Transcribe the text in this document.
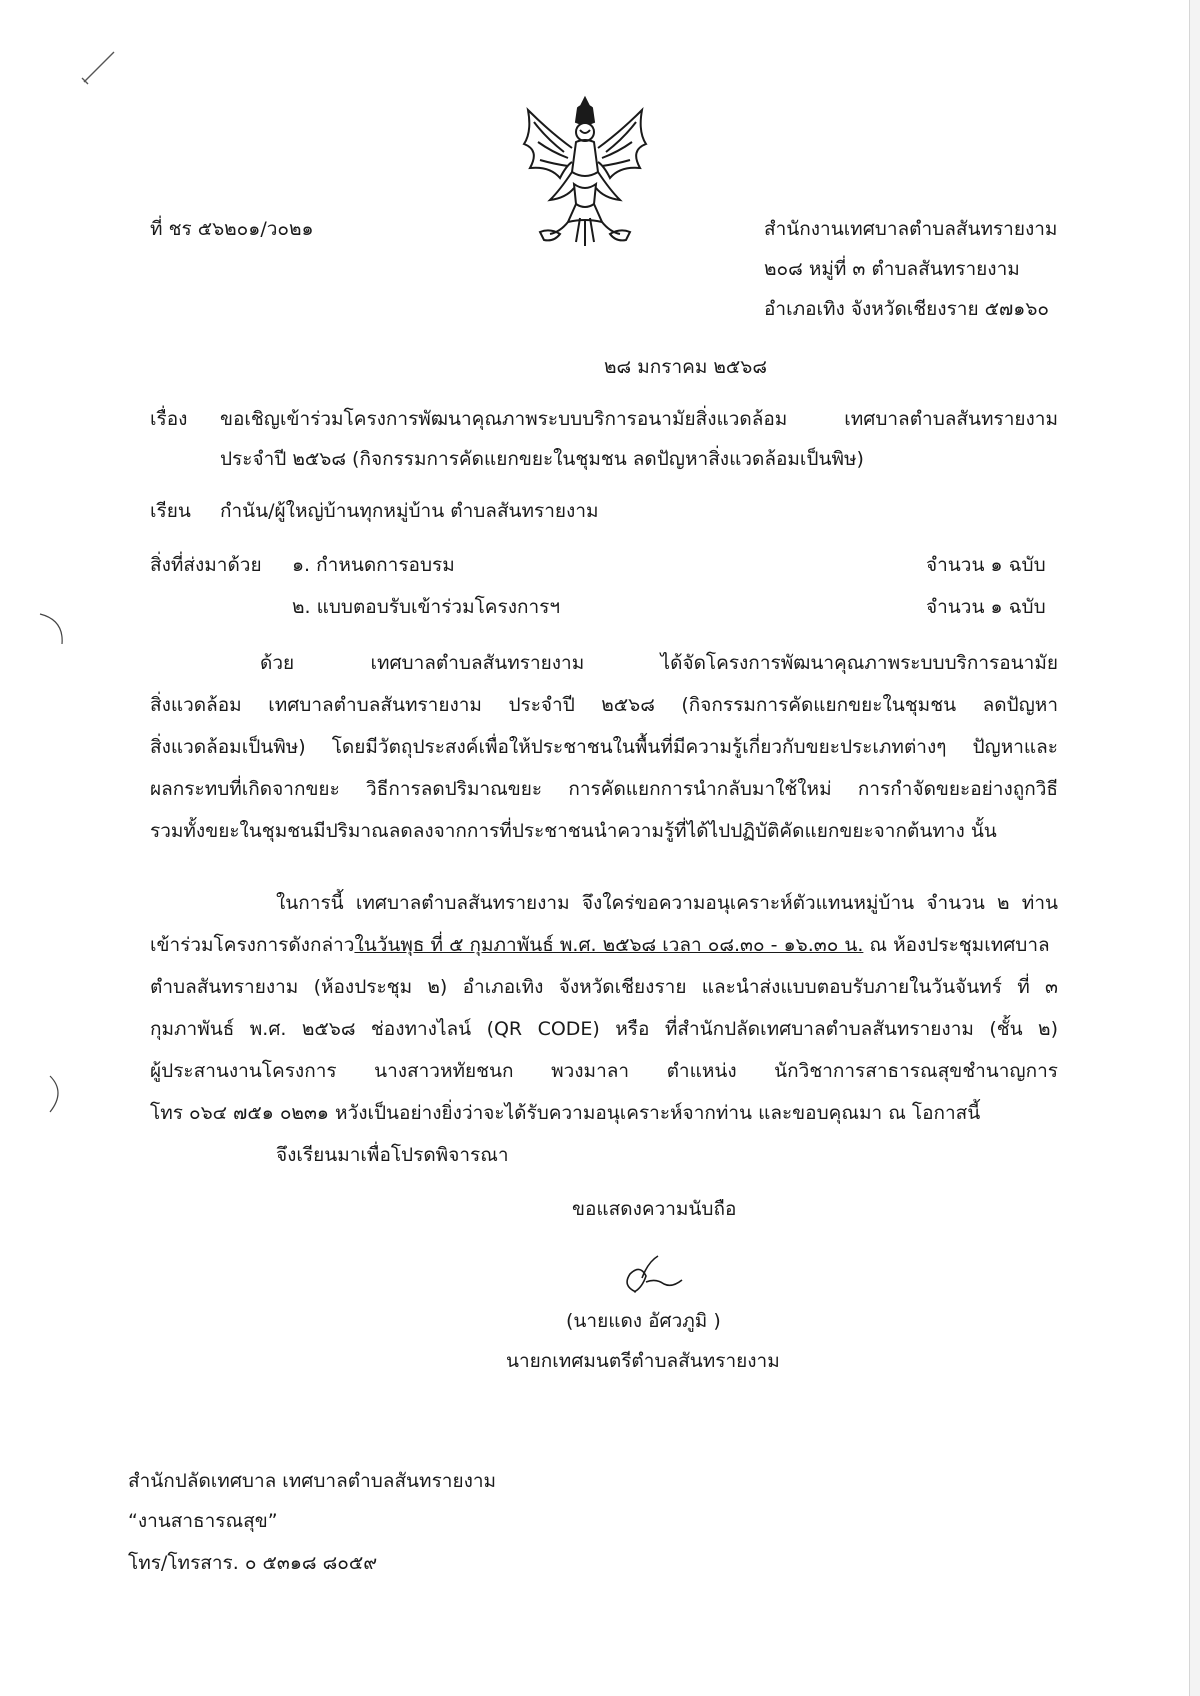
ที่ ชร ๕๖๒๐๑/ว๐๒๑	สำนักงานเทศบาลตำบลสันทรายงาม
๒๐๘ หมู่ที่ ๓ ตำบลสันทรายงาม
อำเภอเทิง จังหวัดเชียงราย ๕๗๑๖๐
๒๘ มกราคม ๒๕๖๘
เรื่อง ขอเชิญเข้าร่วมโครงการพัฒนาคุณภาพระบบบริการอนามัยสิ่งแวดล้อม เทศบาลตำบลสันทรายงาม
ประจำปี ๒๕๖๘ (กิจกรรมการคัดแยกขยะในชุมชน ลดปัญหาสิ่งแวดล้อมเป็นพิษ)
เรียน กำนัน/ผู้ใหญ่บ้านทุกหมู่บ้าน ตำบลสันทรายงาม
สิ่งที่ส่งมาด้วย ๑. กำหนดการอบรม	จำนวน ๑ ฉบับ
๒. แบบตอบรับเข้าร่วมโครงการฯ	จำนวน ๑ ฉบับ
ด้วย เทศบาลตำบลสันทรายงาม ได้จัดโครงการพัฒนาคุณภาพระบบบริการอนามัย
สิ่งแวดล้อม เทศบาลตำบลสันทรายงาม ประจำปี ๒๕๖๘ (กิจกรรมการคัดแยกขยะในชุมชน ลดปัญหา
สิ่งแวดล้อมเป็นพิษ) โดยมีวัตถุประสงค์เพื่อให้ประชาชนในพื้นที่มีความรู้เกี่ยวกับขยะประเภทต่างๆ ปัญหาและ
ผลกระทบที่เกิดจากขยะ วิธีการลดปริมาณขยะ การคัดแยกการนำกลับมาใช้ใหม่ การกำจัดขยะอย่างถูกวิธี
รวมทั้งขยะในชุมชนมีปริมาณลดลงจากการที่ประชาชนนำความรู้ที่ได้ไปปฏิบัติคัดแยกขยะจากต้นทาง นั้น
ในการนี้ เทศบาลตำบลสันทรายงาม จึงใคร่ขอความอนุเคราะห์ตัวแทนหมู่บ้าน จำนวน ๒ ท่าน
เข้าร่วมโครงการดังกล่าวในวันพุธ ที่ ๕ กุมภาพันธ์ พ.ศ. ๒๕๖๘ เวลา ๐๘.๓๐ - ๑๖.๓๐ น. ณ ห้องประชุมเทศบาล
ตำบลสันทรายงาม (ห้องประชุม ๒) อำเภอเทิง จังหวัดเชียงราย และนำส่งแบบตอบรับภายในวันจันทร์ ที่ ๓
กุมภาพันธ์ พ.ศ. ๒๕๖๘ ช่องทางไลน์ (QR CODE) หรือ ที่สำนักปลัดเทศบาลตำบลสันทรายงาม (ชั้น ๒)
ผู้ประสานงานโครงการ นางสาวหทัยชนก พวงมาลา ตำแหน่ง นักวิชาการสาธารณสุขชำนาญการ
โทร ๐๖๔ ๗๕๑ ๐๒๓๑ หวังเป็นอย่างยิ่งว่าจะได้รับความอนุเคราะห์จากท่าน และขอบคุณมา ณ โอกาสนี้
จึงเรียนมาเพื่อโปรดพิจารณา
ขอแสดงความนับถือ
(นายแดง อัศวภูมิ )
นายกเทศมนตรีตำบลสันทรายงาม
สำนักปลัดเทศบาล เทศบาลตำบลสันทรายงาม
“งานสาธารณสุข”
โทร/โทรสาร. ๐ ๕๓๑๘ ๘๐๕๙
